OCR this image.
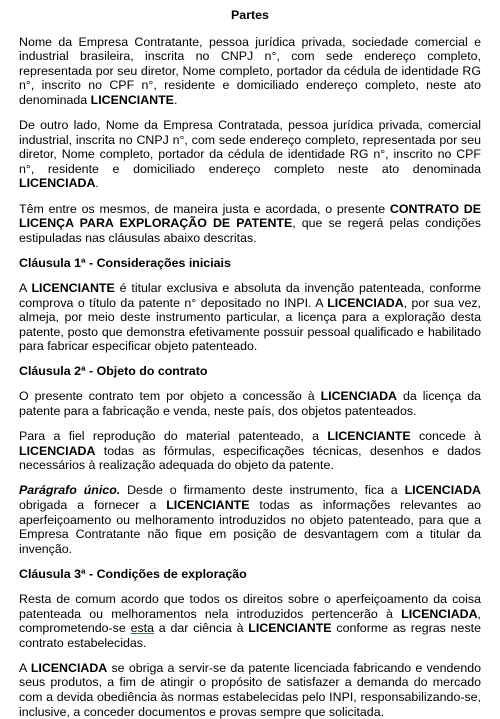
Partes

Nome da Empresa Contratante, pessoa jurídica privada, sociedade comercial e industrial brasileira, inscrita no CNPJ n°, com sede endereço completo, representada por seu diretor, Nome completo, portador da cédula de identidade RG n°, inscrito no CPF n°, residente e domiciliado endereço completo, neste ato denominada LICENCIANTE.

De outro lado, Nome da Empresa Contratada, pessoa jurídica privada, comercial industrial, inscrita no CNPJ n°, com sede endereço completo, representada por seu diretor, Nome completo, portador da cédula de identidade RG n°, inscrito no CPF n°, residente e domiciliado endereço completo neste ato denominada LICENCIADA.

Têm entre os mesmos, de maneira justa e acordada, o presente CONTRATO DE LICENÇA PARA EXPLORAÇÃO DE PATENTE, que se regerá pelas condições estipuladas nas cláusulas abaixo descritas.

Cláusula 1ª - Considerações iniciais

A LICENCIANTE é titular exclusiva e absoluta da invenção patenteada, conforme comprova o título da patente n° depositado no INPI. A LICENCIADA, por sua vez, almeja, por meio deste instrumento particular, a licença para a exploração desta patente, posto que demonstra efetivamente possuir pessoal qualificado e habilitado para fabricar especificar objeto patenteado.

Cláusula 2ª - Objeto do contrato

O presente contrato tem por objeto a concessão à LICENCIADA da licença da patente para a fabricação e venda, neste país, dos objetos patenteados.

Para a fiel reprodução do material patenteado, a LICENCIANTE concede à LICENCIADA todas as fórmulas, especificações técnicas, desenhos e dados necessários à realização adequada do objeto da patente.

Parágrafo único. Desde o firmamento deste instrumento, fica a LICENCIADA obrigada a fornecer a LICENCIANTE todas as informações relevantes ao aperfeiçoamento ou melhoramento introduzidos no objeto patenteado, para que a Empresa Contratante não fique em posição de desvantagem com a titular da invenção.

Cláusula 3ª - Condições de exploração

Resta de comum acordo que todos os direitos sobre o aperfeiçoamento da coisa patenteada ou melhoramentos nela introduzidos pertencerão à LICENCIADA, comprometendo-se esta a dar ciência à LICENCIANTE conforme as regras neste contrato estabelecidas.

A LICENCIADA se obriga a servir-se da patente licenciada fabricando e vendendo seus produtos, a fim de atingir o propósito de satisfazer a demanda do mercado com a devida obediência às normas estabelecidas pelo INPI, responsabilizando-se, inclusive, a conceder documentos e provas sempre que solicitada.
